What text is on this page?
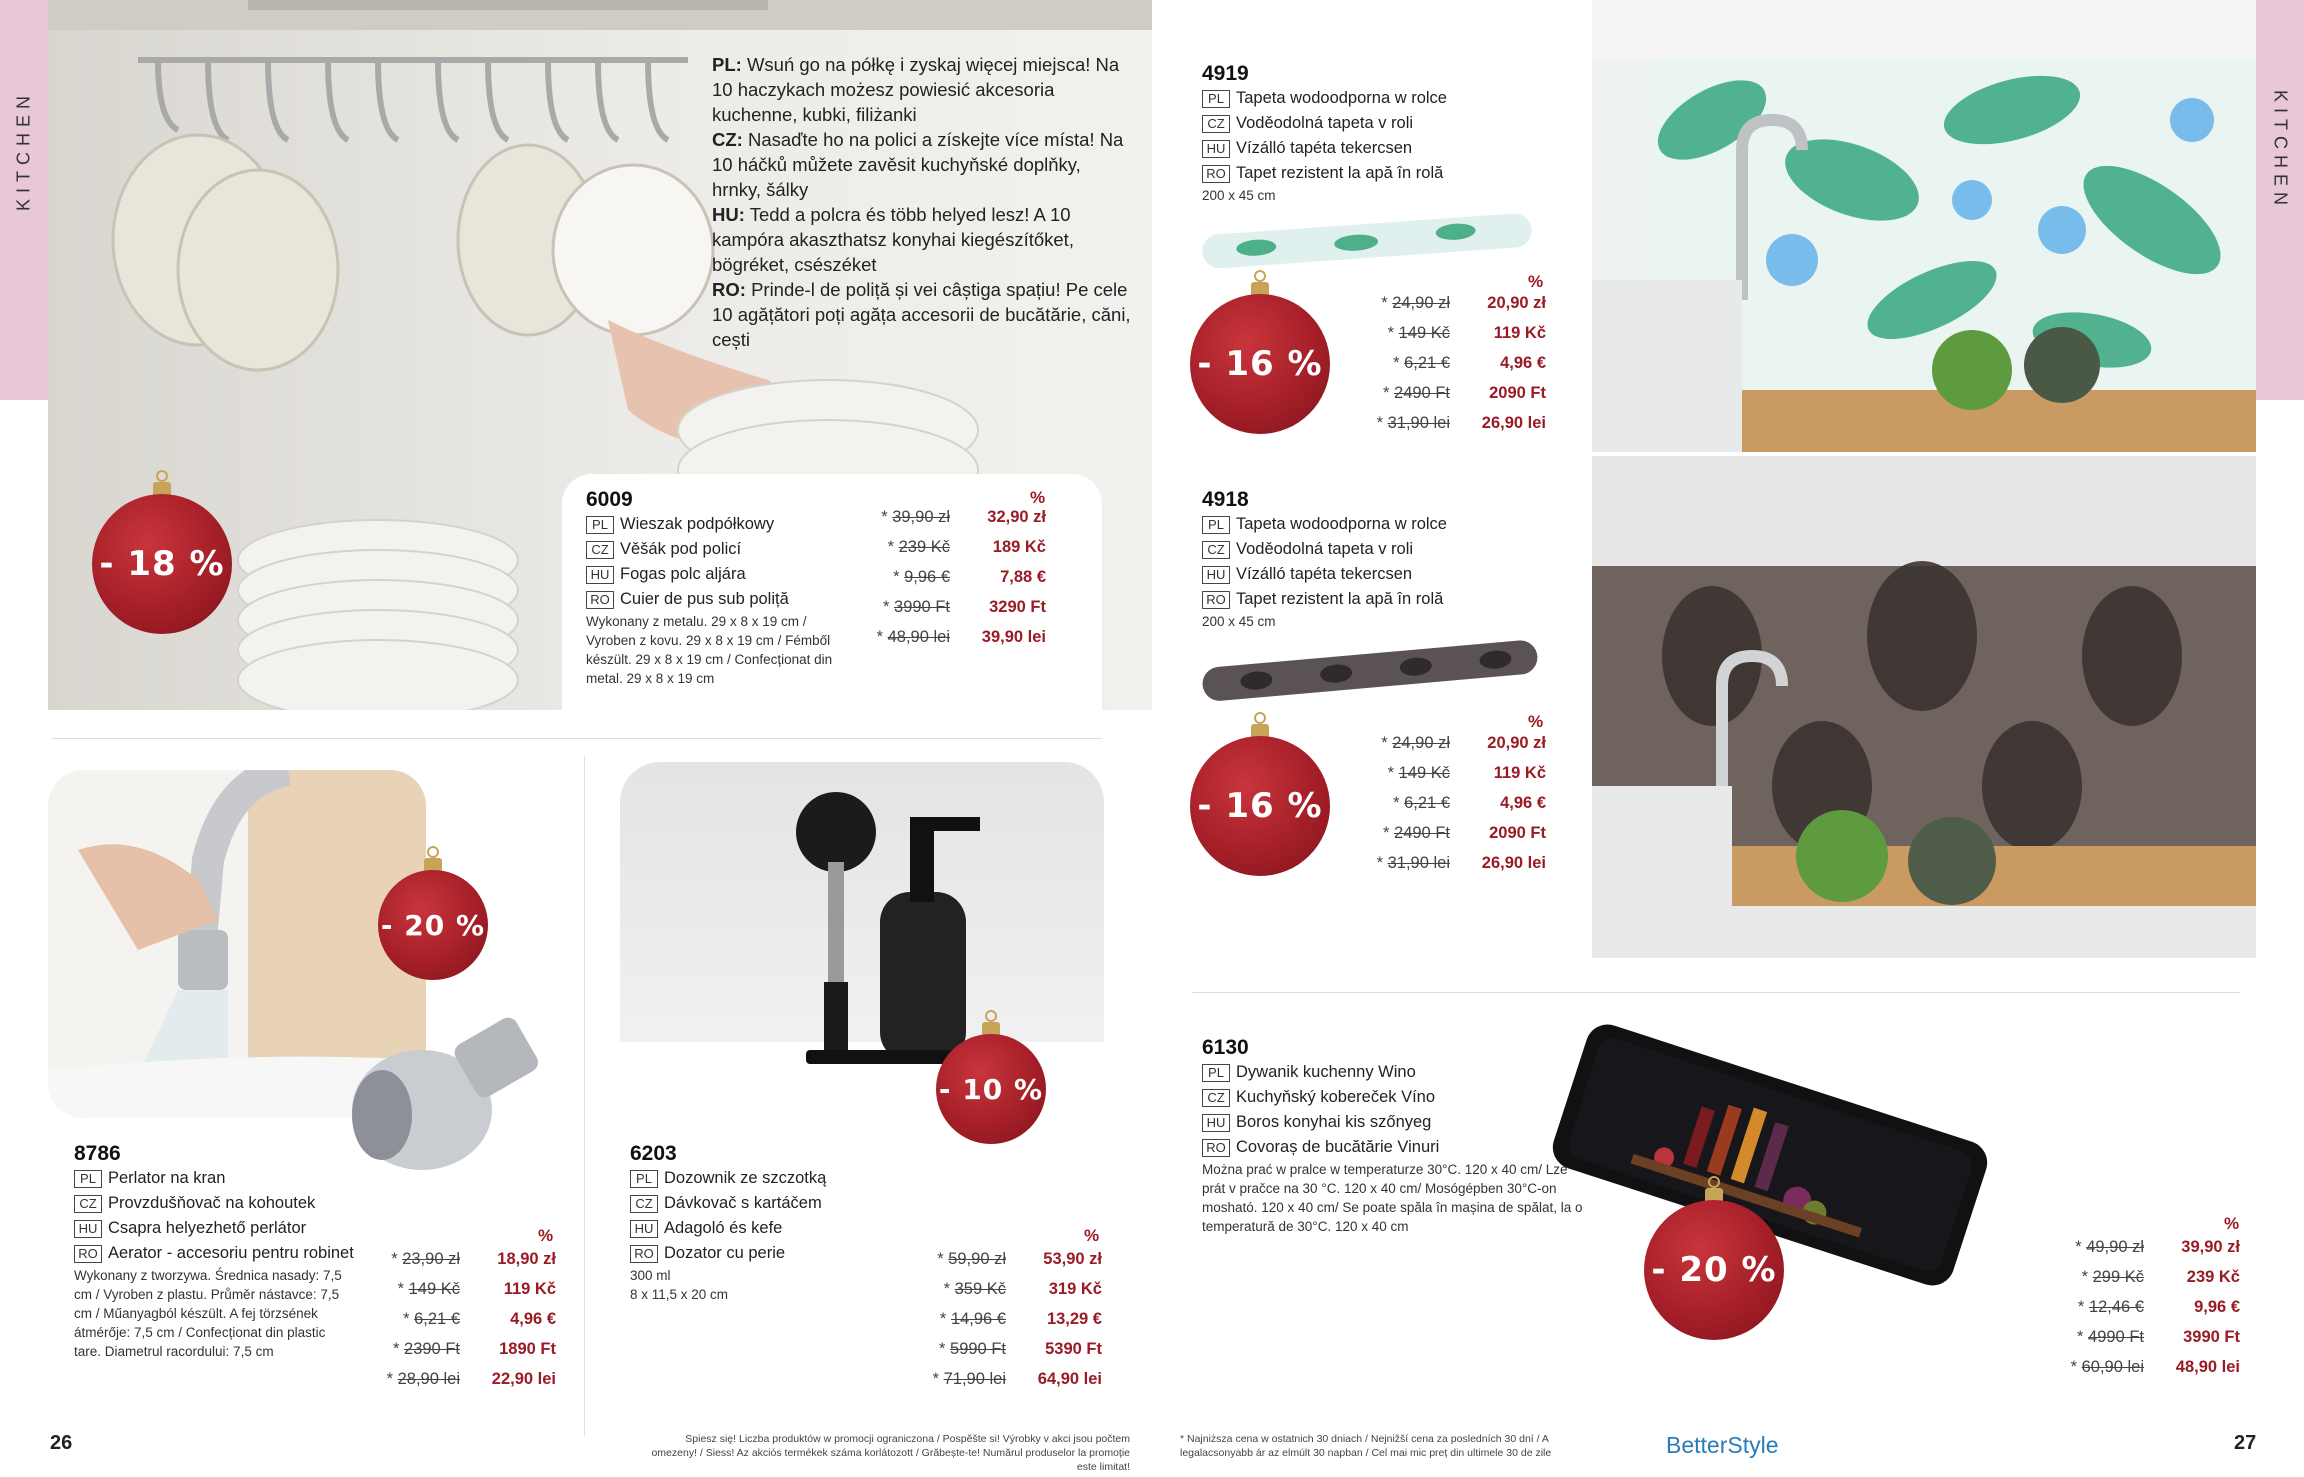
KITCHEN
PL: Wsuń go na półkę i zyskaj więcej miejsca! Na 10 haczykach możesz powiesić akcesoria kuchenne, kubki, filiżanki
CZ: Nasaďte ho na polici a získejte více místa! Na 10 háčků můžete zavěsit kuchyňské doplňky, hrnky, šálky
HU: Tedd a polcra és több helyed lesz! A 10 kampóra akaszthatsz konyhai kiegészítőket, bögréket, csészéket
RO: Prinde-l de poliță și vei câștiga spațiu! Pe cele 10 agățători poți agăța accesorii de bucătărie, căni, cești
6009
PL Wieszak podpółkowy
CZ Věšák pod policí
HU Fogas polc aljára
RO Cuier de pus sub poliță
Wykonany z metalu. 29 x 8 x 19 cm / Vyroben z kovu. 29 x 8 x 19 cm / Fémből készült. 29 x 8 x 19 cm / Confecționat din metal. 29 x 8 x 19 cm
%
* 39,90 zł	32,90 zł
* 239 Kč	189 Kč
* 9,96 €	7,88 €
* 3990 Ft	3290 Ft
* 48,90 lei	39,90 lei
- 18 %
- 20 %
8786
PL Perlator na kran
CZ Provzdušňovač na kohoutek
HU Csapra helyezhető perlátor
RO Aerator - accesoriu pentru robinet
Wykonany z tworzywa. Średnica nasady: 7,5 cm / Vyroben z plastu. Průměr nástavce: 7,5 cm / Műanyagból készült. A fej törzsének átmérője: 7,5 cm / Confecționat din plastic tare. Diametrul racordului: 7,5 cm
%
* 23,90 zł	18,90 zł
* 149 Kč	119 Kč
* 6,21 €	4,96 €
* 2390 Ft	1890 Ft
* 28,90 lei	22,90 lei
- 10 %
6203
PL Dozownik ze szczotką
CZ Dávkovač s kartáčem
HU Adagoló és kefe
RO Dozator cu perie
300 ml
8 x 11,5 x 20 cm
%
* 59,90 zł	53,90 zł
* 359 Kč	319 Kč
* 14,96 €	13,29 €
* 5990 Ft	5390 Ft
* 71,90 lei	64,90 lei
26	Spiesz się! Liczba produktów w promocji ograniczona / Pospěšte si! Výrobky v akci jsou počtem omezeny! / Siess! Az akciós termékek száma korlátozott / Grăbește-te! Numărul produselor la promoție este limitat!
KITCHEN
4919
PL Tapeta wodoodporna w rolce
CZ Voděodolná tapeta v roli
HU Vízálló tapéta tekercsen
RO Tapet rezistent la apă în rolă
200 x 45 cm
- 16 %
%
* 24,90 zł	20,90 zł
* 149 Kč	119 Kč
* 6,21 €	4,96 €
* 2490 Ft	2090 Ft
* 31,90 lei	26,90 lei
4918
PL Tapeta wodoodporna w rolce
CZ Voděodolná tapeta v roli
HU Vízálló tapéta tekercsen
RO Tapet rezistent la apă în rolă
200 x 45 cm
- 16 %
%
* 24,90 zł	20,90 zł
* 149 Kč	119 Kč
* 6,21 €	4,96 €
* 2490 Ft	2090 Ft
* 31,90 lei	26,90 lei
6130
PL Dywanik kuchenny Wino
CZ Kuchyňský kobereček Víno
HU Boros konyhai kis szőnyeg
RO Covoraș de bucătărie Vinuri
Można prać w pralce w temperaturze 30°C. 120 x 40 cm/ Lze prát v pračce na 30 °C. 120 x 40 cm/ Mosógépben 30°C-on mosható. 120 x 40 cm/ Se poate spăla în mașina de spălat, la o temperatură de 30°C. 120 x 40 cm
- 20 %
%
* 49,90 zł	39,90 zł
* 299 Kč	239 Kč
* 12,46 €	9,96 €
* 4990 Ft	3990 Ft
* 60,90 lei	48,90 lei
* Najniższa cena w ostatnich 30 dniach / Nejnižší cena za posledních 30 dní / A legalacsonyabb ár az elmúlt 30 napban / Cel mai mic preț din ultimele 30 de zile	BetterStyle	27
